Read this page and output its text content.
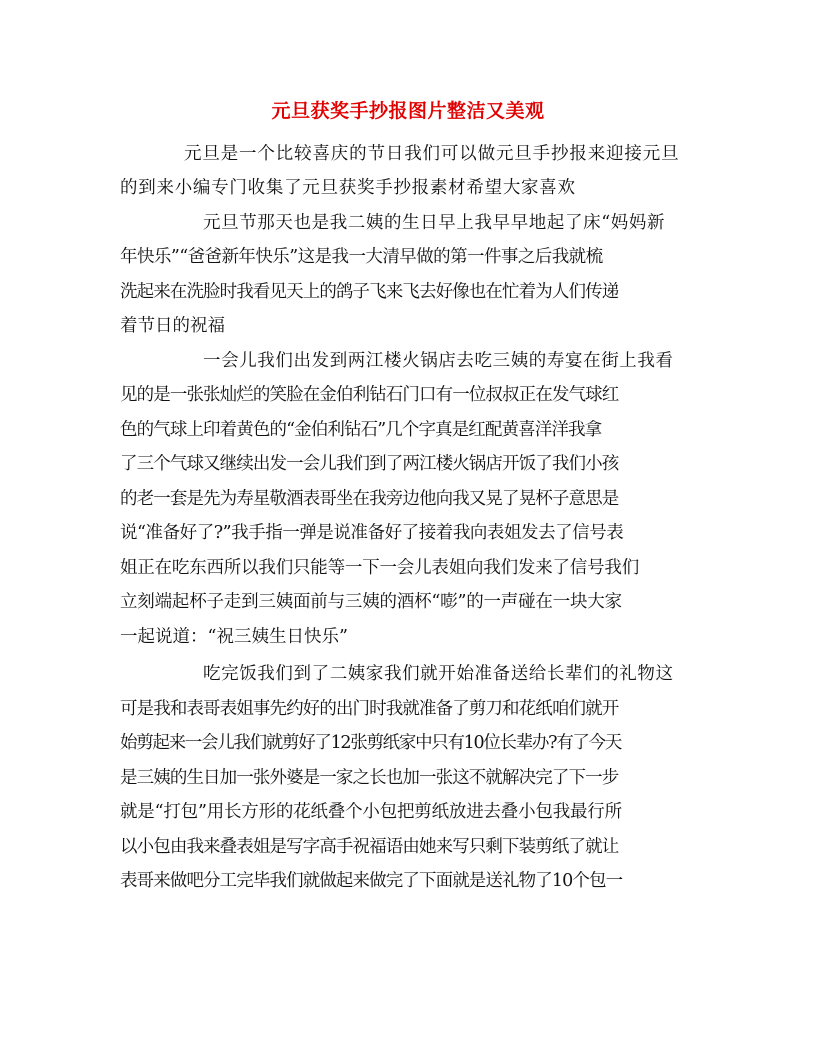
元旦获奖手抄报图片整洁又美观
元旦是一个比较喜庆的节日我们可以做元旦手抄报来迎接元旦
的到来小编专门收集了元旦获奖手抄报素材希望大家喜欢
元旦节那天也是我二姨的生日早上我早早地起了床“妈妈新
年快乐”“爸爸新年快乐”这是我一大清早做的第一件事之后我就梳
洗起来在洗脸时我看见天上的鸽子飞来飞去好像也在忙着为人们传递
着节日的祝福
一会儿我们出发到两江楼火锅店去吃三姨的寿宴在街上我看
见的是一张张灿烂的笑脸在金伯利钻石门口有一位叔叔正在发气球红
色的气球上印着黄色的“金伯利钻石”几个字真是红配黄喜洋洋我拿
了三个气球又继续出发一会儿我们到了两江楼火锅店开饭了我们小孩
的老一套是先为寿星敬酒表哥坐在我旁边他向我又晃了晃杯子意思是
说“准备好了?”我手指一弹是说准备好了接着我向表姐发去了信号表
姐正在吃东西所以我们只能等一下一会儿表姐向我们发来了信号我们
立刻端起杯子走到三姨面前与三姨的酒杯“嘭”的一声碰在一块大家
一起说道：“祝三姨生日快乐”
吃完饭我们到了二姨家我们就开始准备送给长辈们的礼物这
可是我和表哥表姐事先约好的出门时我就准备了剪刀和花纸咱们就开
始剪起来一会儿我们就剪好了12张剪纸家中只有10位长辈办?有了今天
是三姨的生日加一张外婆是一家之长也加一张这不就解决完了下一步
就是“打包”用长方形的花纸叠个小包把剪纸放进去叠小包我最行所
以小包由我来叠表姐是写字高手祝福语由她来写只剩下装剪纸了就让
表哥来做吧分工完毕我们就做起来做完了下面就是送礼物了10个包一
